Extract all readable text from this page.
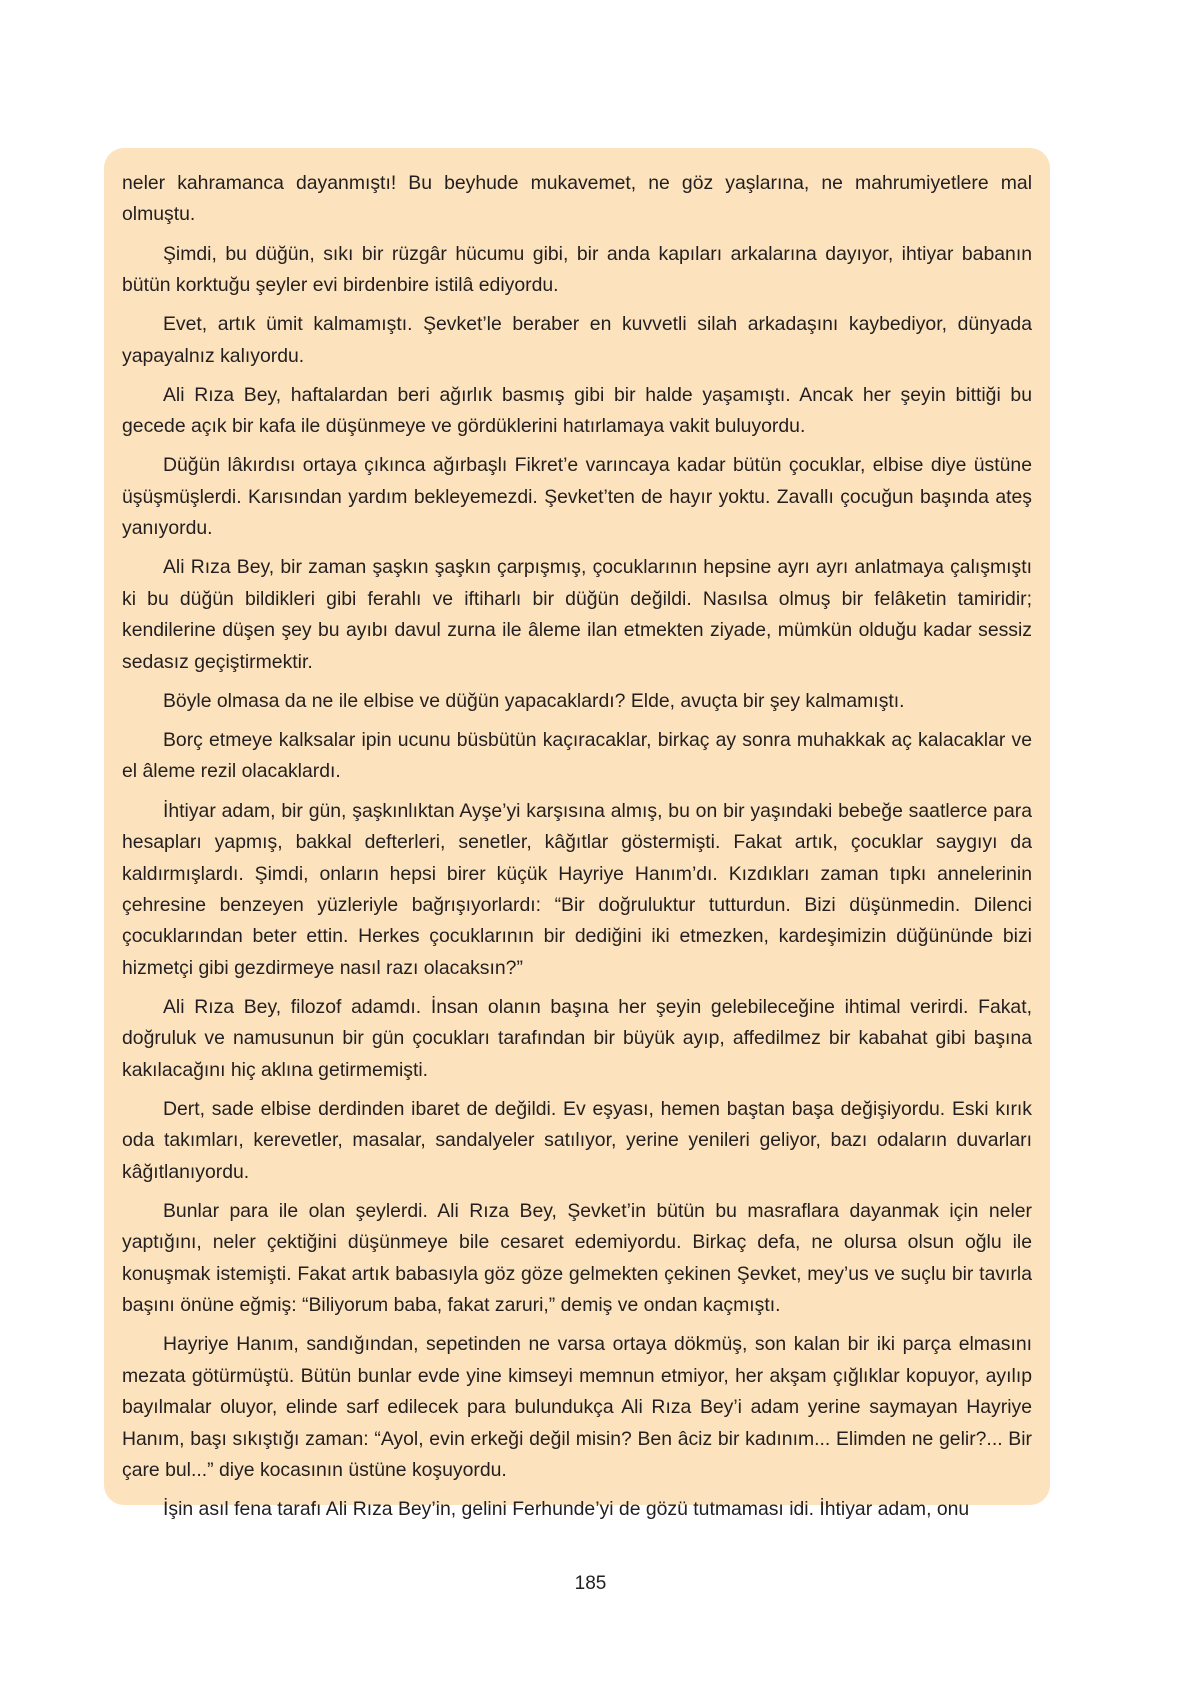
neler kahramanca dayanmıştı! Bu beyhude mukavemet, ne göz yaşlarına, ne mahrumiyetlere mal olmuştu.

Şimdi, bu düğün, sıkı bir rüzgâr hücumu gibi, bir anda kapıları arkalarına dayıyor, ihtiyar babanın bütün korktuğu şeyler evi birdenbire istilâ ediyordu.

Evet, artık ümit kalmamıştı. Şevket’le beraber en kuvvetli silah arkadaşını kaybediyor, dünyada yapayalnız kalıyordu.

Ali Rıza Bey, haftalardan beri ağırlık basmış gibi bir halde yaşamıştı. Ancak her şeyin bittiği bu gecede açık bir kafa ile düşünmeye ve gördüklerini hatırlamaya vakit buluyordu.

Düğün lâkırdısı ortaya çıkınca ağırbaşlı Fikret’e varıncaya kadar bütün çocuklar, elbise diye üstüne üşüşmüşlerdi. Karısından yardım bekleyemezdi. Şevket’ten de hayır yoktu. Zavallı çocuğun başında ateş yanıyordu.

Ali Rıza Bey, bir zaman şaşkın şaşkın çarpışmış, çocuklarının hepsine ayrı ayrı anlatmaya çalışmıştı ki bu düğün bildikleri gibi ferahlı ve iftiharlı bir düğün değildi. Nasılsa olmuş bir felâketin tamiridir; kendilerine düşen şey bu ayıbı davul zurna ile âleme ilan etmekten ziyade, mümkün olduğu kadar sessiz sedasız geçiştirmektir.

Böyle olmasa da ne ile elbise ve düğün yapacaklardı? Elde, avuçta bir şey kalmamıştı.

Borç etmeye kalksalar ipin ucunu büsbütün kaçıracaklar, birkaç ay sonra muhakkak aç kalacaklar ve el âleme rezil olacaklardı.

İhtiyar adam, bir gün, şaşkınlıktan Ayşe’yi karşısına almış, bu on bir yaşındaki bebeğe saatlerce para hesapları yapmış, bakkal defterleri, senetler, kâğıtlar göstermişti. Fakat artık, çocuklar saygıyı da kaldırmışlardı. Şimdi, onların hepsi birer küçük Hayriye Hanım’dı. Kızdıkları zaman tıpkı annelerinin çehresine benzeyen yüzleriyle bağrışıyorlardı: “Bir doğruluktur tutturdun. Bizi düşünmedin. Dilenci çocuklarından beter ettin. Herkes çocuklarının bir dediğini iki etmezken, kardeşimizin düğününde bizi hizmetçi gibi gezdirmeye nasıl razı olacaksın?”

Ali Rıza Bey, filozof adamdı. İnsan olanın başına her şeyin gelebileceğine ihtimal verirdi. Fakat, doğruluk ve namusunun bir gün çocukları tarafından bir büyük ayıp, affedilmez bir kabahat gibi başına kakılacağını hiç aklına getirmemişti.

Dert, sade elbise derdinden ibaret de değildi. Ev eşyası, hemen baştan başa değişiyordu. Eski kırık oda takımları, kerevetler, masalar, sandalyeler satılıyor, yerine yenileri geliyor, bazı odaların duvarları kâğıtlanıyordu.

Bunlar para ile olan şeylerdi. Ali Rıza Bey, Şevket’in bütün bu masraflara dayanmak için neler yaptığını, neler çektiğini düşünmeye bile cesaret edemiyordu. Birkaç defa, ne olursa olsun oğlu ile konuşmak istemişti. Fakat artık babasıyla göz göze gelmekten çekinen Şevket, mey’us ve suçlu bir tavırla başını önüne eğmiş: “Biliyorum baba, fakat zaruri,” demiş ve ondan kaçmıştı.

Hayriye Hanım, sandığından, sepetinden ne varsa ortaya dökmüş, son kalan bir iki parça elmasını mezata götürmüştü. Bütün bunlar evde yine kimseyi memnun etmiyor, her akşam çığlıklar kopuyor, ayılıp bayılmalar oluyor, elinde sarf edilecek para bulundukça Ali Rıza Bey’i adam yerine saymayan Hayriye Hanım, başı sıkıştığı zaman: “Ayol, evin erkeği değil misin? Ben âciz bir kadınım... Elimden ne gelir?... Bir çare bul...” diye kocasının üstüne koşuyordu.

İşin asıl fena tarafı Ali Rıza Bey’in, gelini Ferhunde’yi de gözü tutmaması idi. İhtiyar adam, onu

185
